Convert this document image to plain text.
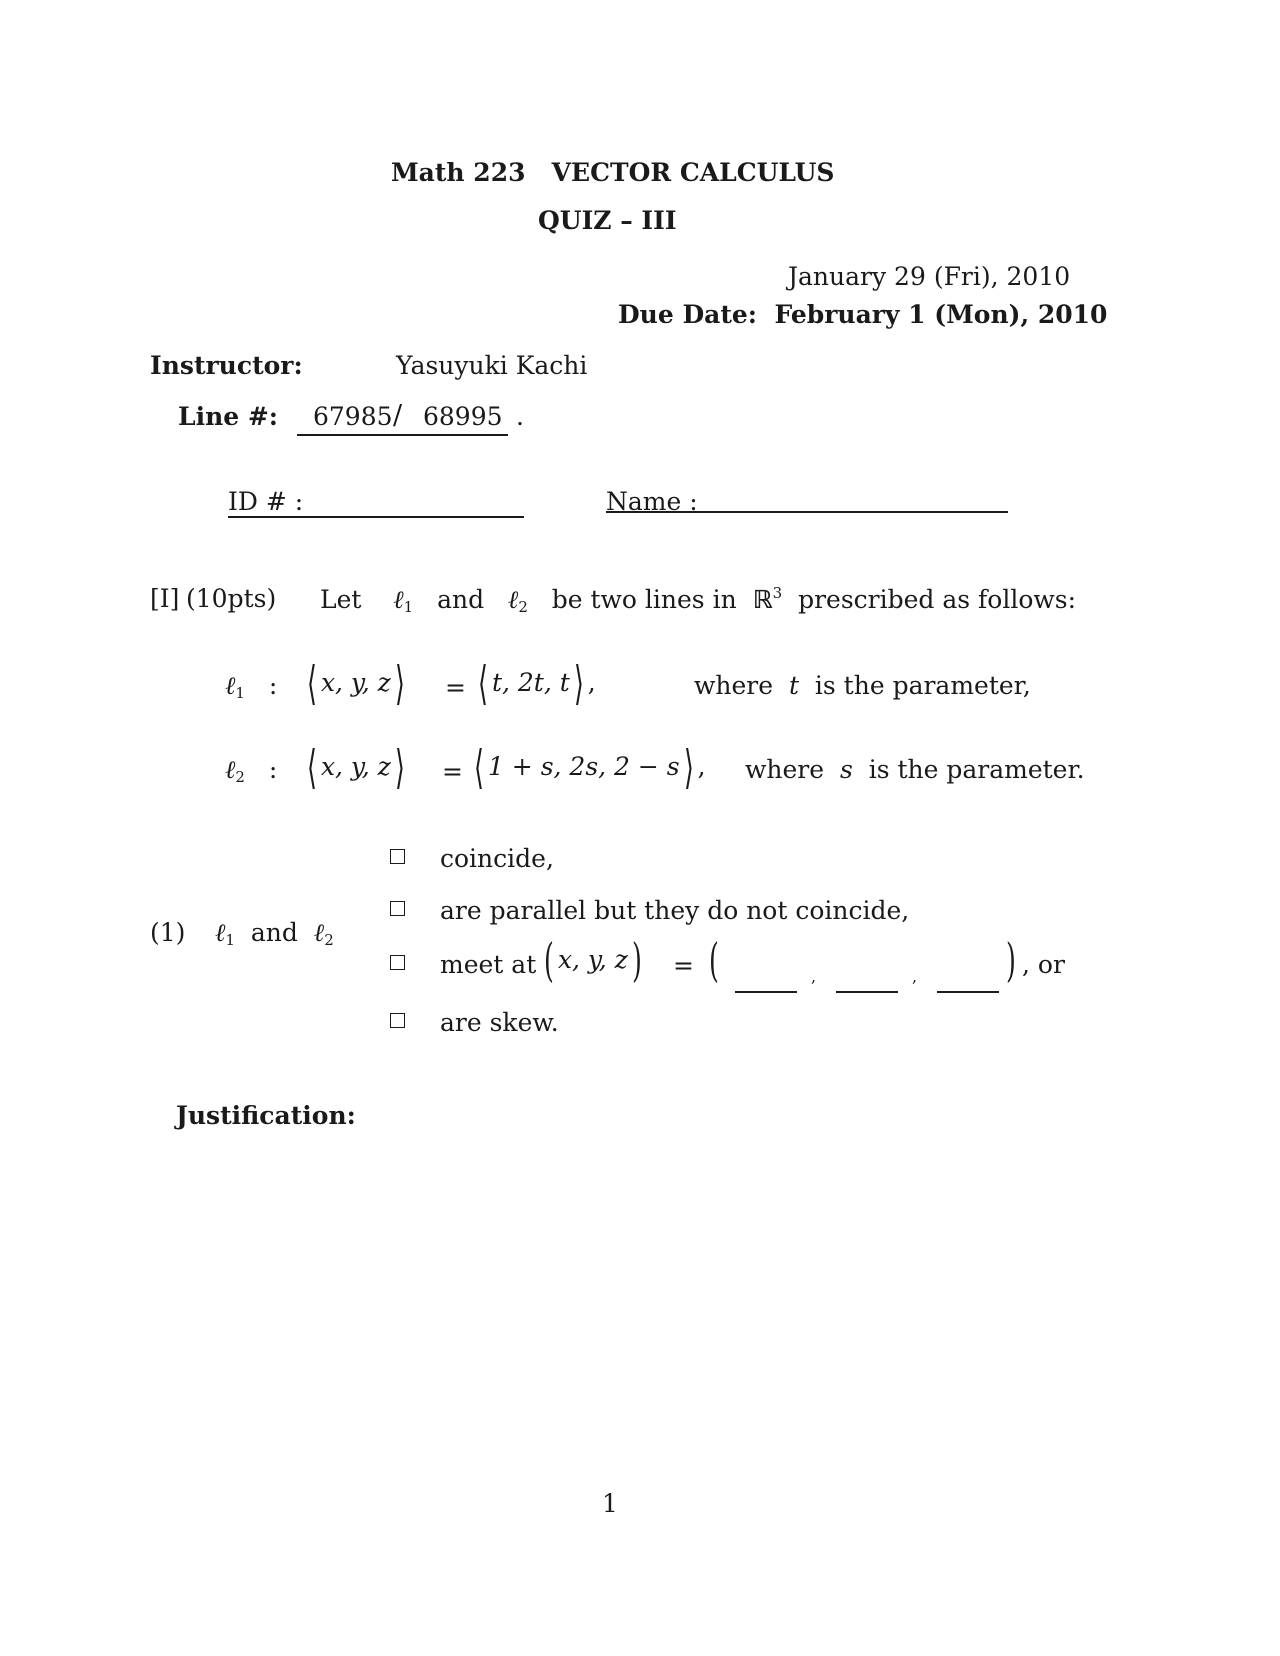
Math 223 VECTOR CALCULUS
QUIZ – III
January 29 (Fri), 2010
Due Date: February 1 (Mon), 2010
Instructor:	Yasuyuki Kachi
Line #: 67985 / 68995 .
ID # :	Name :
[I] (10pts) Let ℓ$_1$ and ℓ$_2$ be two lines in ℝ$^3$ prescribed as follows:
ℓ$_1$ : ⟨ x, y, z⟩ = ⟨ t, 2t, t⟩ ,	where t is the parameter,
ℓ$_2$ : ⟨ x, y, z⟩ = ⟨ 1 + s, 2s, 2 − s⟩ , where s is the parameter.
(1) ℓ$_1$ and ℓ$_2$
coincide,
are parallel but they do not coincide,
meet at ( x, y, z) = (	,	, ) , or
are skew.
Justification:
1
